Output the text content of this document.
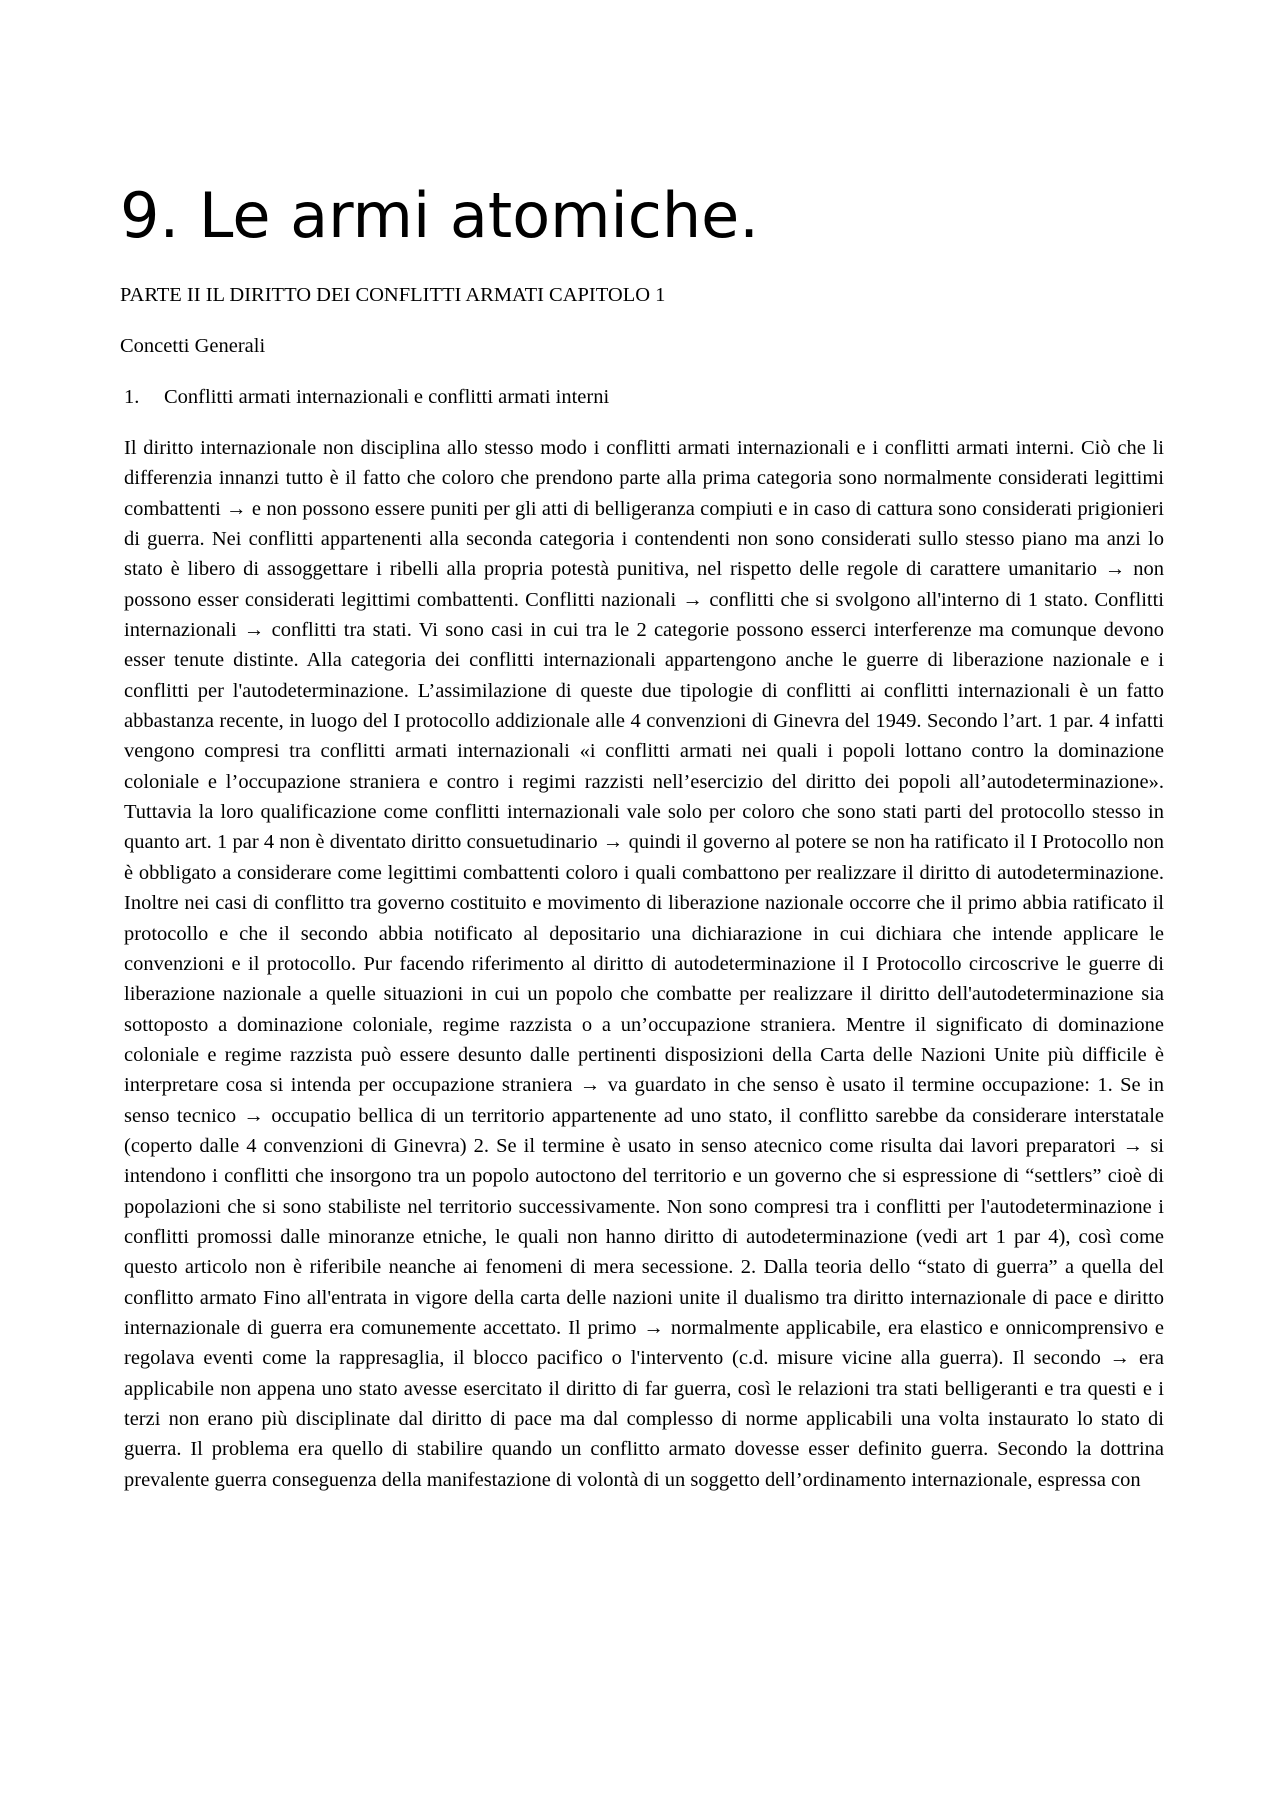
9. Le armi atomiche.

PARTE II IL DIRITTO DEI CONFLITTI ARMATI CAPITOLO 1

Concetti Generali

1. Conflitti armati internazionali e conflitti armati interni

Il diritto internazionale non disciplina allo stesso modo i conflitti armati internazionali e i conflitti armati interni. Ciò che li differenzia innanzi tutto è il fatto che coloro che prendono parte alla prima categoria sono normalmente considerati legittimi combattenti → e non possono essere puniti per gli atti di belligeranza compiuti e in caso di cattura sono considerati prigionieri di guerra. Nei conflitti appartenenti alla seconda categoria i contendenti non sono considerati sullo stesso piano ma anzi lo stato è libero di assoggettare i ribelli alla propria potestà punitiva, nel rispetto delle regole di carattere umanitario → non possono esser considerati legittimi combattenti. Conflitti nazionali → conflitti che si svolgono all'interno di 1 stato. Conflitti internazionali → conflitti tra stati. Vi sono casi in cui tra le 2 categorie possono esserci interferenze ma comunque devono esser tenute distinte. Alla categoria dei conflitti internazionali appartengono anche le guerre di liberazione nazionale e i conflitti per l'autodeterminazione. L’assimilazione di queste due tipologie di conflitti ai conflitti internazionali è un fatto abbastanza recente, in luogo del I protocollo addizionale alle 4 convenzioni di Ginevra del 1949. Secondo l’art. 1 par. 4 infatti vengono compresi tra conflitti armati internazionali «i conflitti armati nei quali i popoli lottano contro la dominazione coloniale e l’occupazione straniera e contro i regimi razzisti nell’esercizio del diritto dei popoli all’autodeterminazione». Tuttavia la loro qualificazione come conflitti internazionali vale solo per coloro che sono stati parti del protocollo stesso in quanto art. 1 par 4 non è diventato diritto consuetudinario → quindi il governo al potere se non ha ratificato il I Protocollo non è obbligato a considerare come legittimi combattenti coloro i quali combattono per realizzare il diritto di autodeterminazione. Inoltre nei casi di conflitto tra governo costituito e movimento di liberazione nazionale occorre che il primo abbia ratificato il protocollo e che il secondo abbia notificato al depositario una dichiarazione in cui dichiara che intende applicare le convenzioni e il protocollo. Pur facendo riferimento al diritto di autodeterminazione il I Protocollo circoscrive le guerre di liberazione nazionale a quelle situazioni in cui un popolo che combatte per realizzare il diritto dell'autodeterminazione sia sottoposto a dominazione coloniale, regime razzista o a un’occupazione straniera. Mentre il significato di dominazione coloniale e regime razzista può essere desunto dalle pertinenti disposizioni della Carta delle Nazioni Unite più difficile è interpretare cosa si intenda per occupazione straniera → va guardato in che senso è usato il termine occupazione: 1. Se in senso tecnico → occupatio bellica di un territorio appartenente ad uno stato, il conflitto sarebbe da considerare interstatale (coperto dalle 4 convenzioni di Ginevra) 2. Se il termine è usato in senso atecnico come risulta dai lavori preparatori → si intendono i conflitti che insorgono tra un popolo autoctono del territorio e un governo che si espressione di “settlers” cioè di popolazioni che si sono stabiliste nel territorio successivamente. Non sono compresi tra i conflitti per l'autodeterminazione i conflitti promossi dalle minoranze etniche, le quali non hanno diritto di autodeterminazione (vedi art 1 par 4), così come questo articolo non è riferibile neanche ai fenomeni di mera secessione. 2. Dalla teoria dello “stato di guerra” a quella del conflitto armato Fino all'entrata in vigore della carta delle nazioni unite il dualismo tra diritto internazionale di pace e diritto internazionale di guerra era comunemente accettato. Il primo → normalmente applicabile, era elastico e onnicomprensivo e regolava eventi come la rappresaglia, il blocco pacifico o l'intervento (c.d. misure vicine alla guerra). Il secondo → era applicabile non appena uno stato avesse esercitato il diritto di far guerra, così le relazioni tra stati belligeranti e tra questi e i terzi non erano più disciplinate dal diritto di pace ma dal complesso di norme applicabili una volta instaurato lo stato di guerra. Il problema era quello di stabilire quando un conflitto armato dovesse esser definito guerra. Secondo la dottrina prevalente guerra conseguenza della manifestazione di volontà di un soggetto dell’ordinamento internazionale, espressa con
